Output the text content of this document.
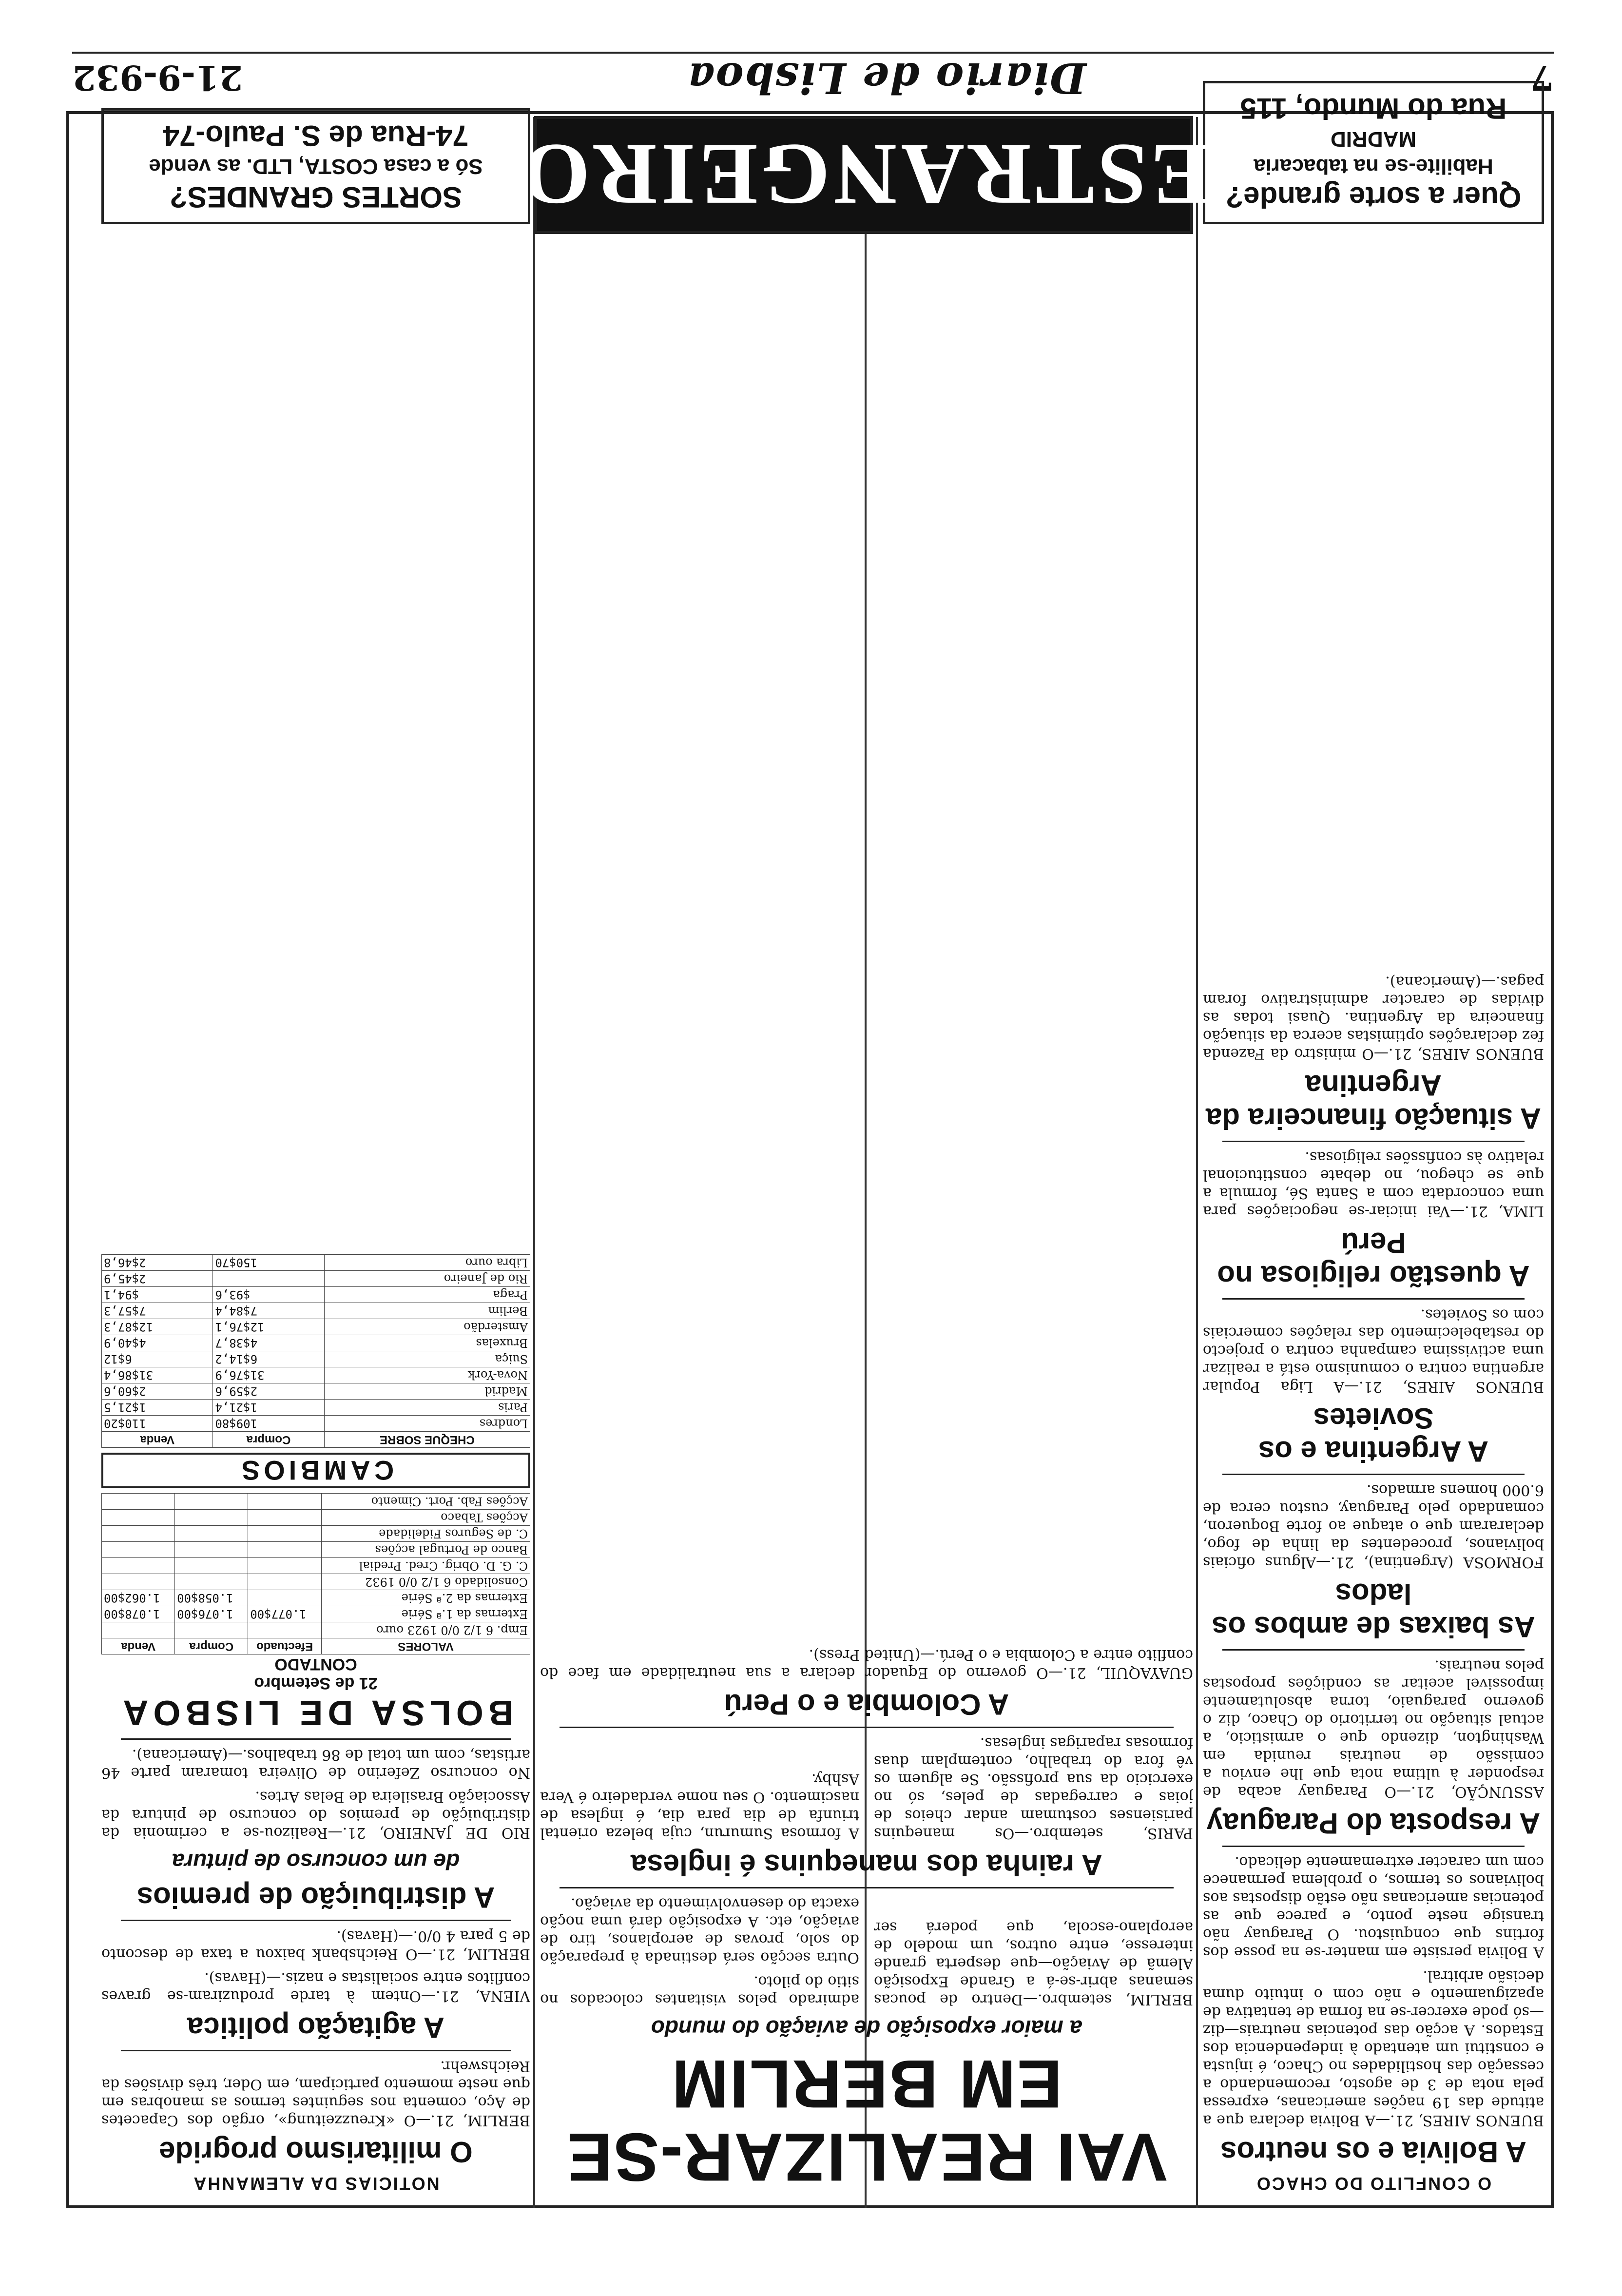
7
Diario de Lisboa
21-9-932
Quer a sorte grande?
Habilite-se na tabacaria MADRID
Rua do Mundo, 115
ESTRANGEIRO
SORTES GRANDES?
Só a casa COSTA, LTD. as vende
74-Rua de S. Paulo-74
O CONFLITO DO CHACO
A Bolivia e os neutros

BUENOS AIRES, 21.—A Bolivia declara que a atitude das 19 nações americanas, expressa pela nota de 3 de agosto, recomendando a cessação das hostilidades no Chaco, é injusta e constitui um atentado à independencia dos Estados. A acção das potencias neutrais—diz—só pode exercer-se na forma de tentativa de apaziguamento e não com o intuito duma decisão arbitral.

A Bolivia persiste em manter-se na posse dos fortins que conquistou. O Paraguay não transige neste ponto, e parece que as potencias americanas não estão dispostas aos bolivianos os termos, o problema permanece com um caracter extremamente delicado.

A resposta do Paraguay

ASSUNÇÃO, 21.—O Paraguay acaba de responder à ultima nota que lhe enviou a comissão de neutrais reunida em Washington, dizendo que o armisticio, a actual situação no territorio do Chaco, diz o governo paraguaio, torna absolutamente impossivel aceitar as condições propostas pelos neutrais.

As baixas de ambos os lados

FORMOSA (Argentina), 21.—Alguns oficiais bolivianos, procedentes da linha de fogo, declararam que o ataque ao forte Boqueron, comandado pelo Paraguay, custou cerca de 6.000 homens armados.

A Argentina e os Sovietes

BUENOS AIRES, 21.—A Liga Popular argentina contra o comunismo está a realizar uma activissima campanha contra o projecto do restabelecimento das relações comerciais com os Sovietes.

A questão religiosa no Perú

LIMA, 21.—Vai iniciar-se negociações para uma concordata com a Santa Sé, formula a que se chegou, no debate constitucional relativo às confissões religiosas.

A situação financeira da Argentina

BUENOS AIRES, 21.—O ministro da Fazenda fez declarações optimistas acerca da situação financeira da Argentina. Quasi todas as dividas de caracter administrativo foram pagas.—(Americana).

VAI REALIZAR-SE EM BERLIM
a maior exposição de aviação do mundo

BERLIM, setembro.—Dentro de poucas semanas abrir-se-á a Grande Exposição Alemã de Aviação—que desperta grande interesse, entre outros, um modelo de aeroplano-escola, que poderá ser admirado pelos visitantes colocados no sitio do piloto.

Outra secção será destinada à preparação do solo, provas de aeroplanos, tiro de aviação, etc. A exposição dará uma noção exacta do desenvolvimento da aviação.

A rainha dos manequins é inglesa

PARIS, setembro.—Os manequins parisienses costumam andar cheios de joias e carregadas de peles, só no exercicio da sua profissão. Se alguem os vê fora do trabalho, contemplam duas formosas raparigas inglesas.

A formosa Sumurun, cuja beleza oriental triunfa de dia para dia, é inglesa de nascimento. O seu nome verdadeiro é Vera Ashby.

A Colombia e o Perú

GUAYAQUIL, 21.—O governo do Equador declara a sua neutralidade em face do conflito entre a Colombia e o Perú.—(United Press).

NOTICIAS DA ALEMANHA
O militarismo progride

BERLIM, 21.—O «Kreuzzeitung», orgão dos Capacetes de Aço, comenta nos seguintes termos as manobras em que neste momento participam, em Oder, três divisões da Reichswehr.

A agitação politica

VIENA, 21.—Ontem à tarde produziram-se graves conflitos entre socialistas e nazis.—(Havas).

BERLIM, 21.—O Reichsbank baixou a taxa de desconto de 5 para 4 0/0.—(Havas).

A distribuição de premios
de um concurso de pintura

RIO DE JANEIRO, 21.—Realizou-se a cerimonia da distribuição de premios do concurso de pintura da Associação Brasileira de Belas Artes.

No concurso Zeferino de Oliveira tomaram parte 46 artistas, com um total de 86 trabalhos.—(Americana).

BOLSA DE LISBOA
21 de Setembro
CONTADO
VALORES	Efectuado	Compra	Venda
Emp. 6 1/2 0/0 1923 ouro			
Externas da 1.ª Série	1.077$00	1.076$00	1.078$00
Externas da 2.ª Série		1.058$00	1.062$00
Consolidado 6 1/2 0/0 1932			
C. G. D. Obrig. Cred. Predial			
Banco de Portugal acções			
C. de Seguros Fidelidade			
Acções Tabaco			
Acções Fab. Port. Cimento			
CAMBIOS
CHEQUE SOBRE	Compra	Venda
Londres	109$80	110$20
Paris	1$21,4	1$21,5
Madrid	2$59,6	2$60,6
Nova-York	31$76,9	31$86,4
Suiça	6$14,2	6$12
Bruxelas	4$38,7	4$40,9
Amsterdão	12$76,1	12$87,3
Berlim	7$84,4	7$57,3
Praga	$93,6	$94,1
Rio de Janeiro		2$45,9
Libra ouro	150$70	2$46,8
